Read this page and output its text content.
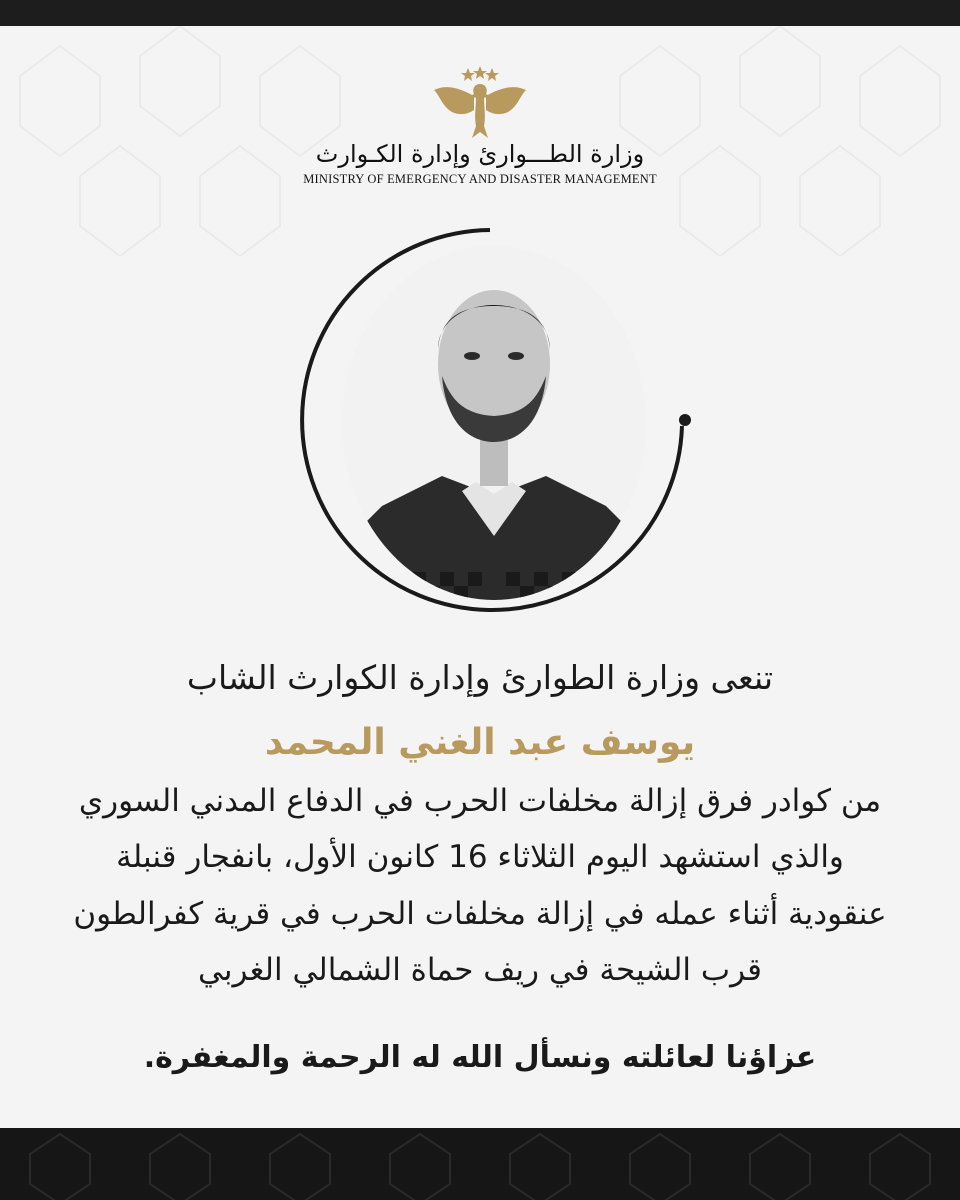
وزارة الطـــوارئ وإدارة الكـوارث
MINISTRY OF EMERGENCY AND DISASTER MANAGEMENT
تنعى وزارة الطوارئ وإدارة الكوارث الشاب
يوسف عبد الغني المحمد
من كوادر فرق إزالة مخلفات الحرب في الدفاع المدني السوري
والذي استشهد اليوم الثلاثاء 16 كانون الأول، بانفجار قنبلة
عنقودية أثناء عمله في إزالة مخلفات الحرب في قرية كفرالطون
قرب الشيحة في ريف حماة الشمالي الغربي
عزاؤنا لعائلته ونسأل الله له الرحمة والمغفرة.
